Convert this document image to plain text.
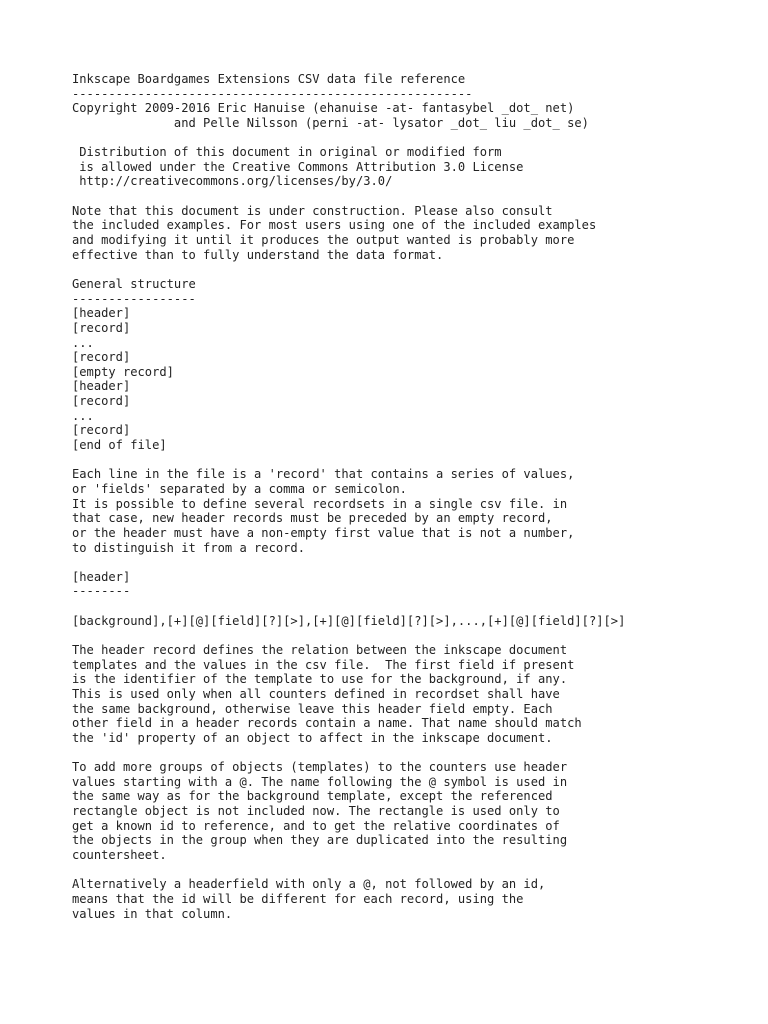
Inkscape Boardgames Extensions CSV data file reference
-------------------------------------------------------
Copyright 2009-2016 Eric Hanuise (ehanuise -at- fantasybel _dot_ net)
and Pelle Nilsson (perni -at- lysator _dot_ liu _dot_ se)
Distribution of this document in original or modified form
is allowed under the Creative Commons Attribution 3.0 License
http://creativecommons.org/licenses/by/3.0/
Note that this document is under construction. Please also consult
the included examples. For most users using one of the included examples
and modifying it until it produces the output wanted is probably more
effective than to fully understand the data format.
General structure
-----------------
[header]
[record]
...
[record]
[empty record]
[header]
[record]
...
[record]
[end of file]
Each line in the file is a 'record' that contains a series of values,
or 'fields' separated by a comma or semicolon.
It is possible to define several recordsets in a single csv file. in
that case, new header records must be preceded by an empty record,
or the header must have a non-empty first value that is not a number,
to distinguish it from a record.
[header]
--------
[background],[+][@][field][?][>],[+][@][field][?][>],...,[+][@][field][?][>]
The header record defines the relation between the inkscape document
templates and the values in the csv file.  The first field if present
is the identifier of the template to use for the background, if any.
This is used only when all counters defined in recordset shall have
the same background, otherwise leave this header field empty. Each
other field in a header records contain a name. That name should match
the 'id' property of an object to affect in the inkscape document.
To add more groups of objects (templates) to the counters use header
values starting with a @. The name following the @ symbol is used in
the same way as for the background template, except the referenced
rectangle object is not included now. The rectangle is used only to
get a known id to reference, and to get the relative coordinates of
the objects in the group when they are duplicated into the resulting
countersheet.
Alternatively a headerfield with only a @, not followed by an id,
means that the id will be different for each record, using the
values in that column.
